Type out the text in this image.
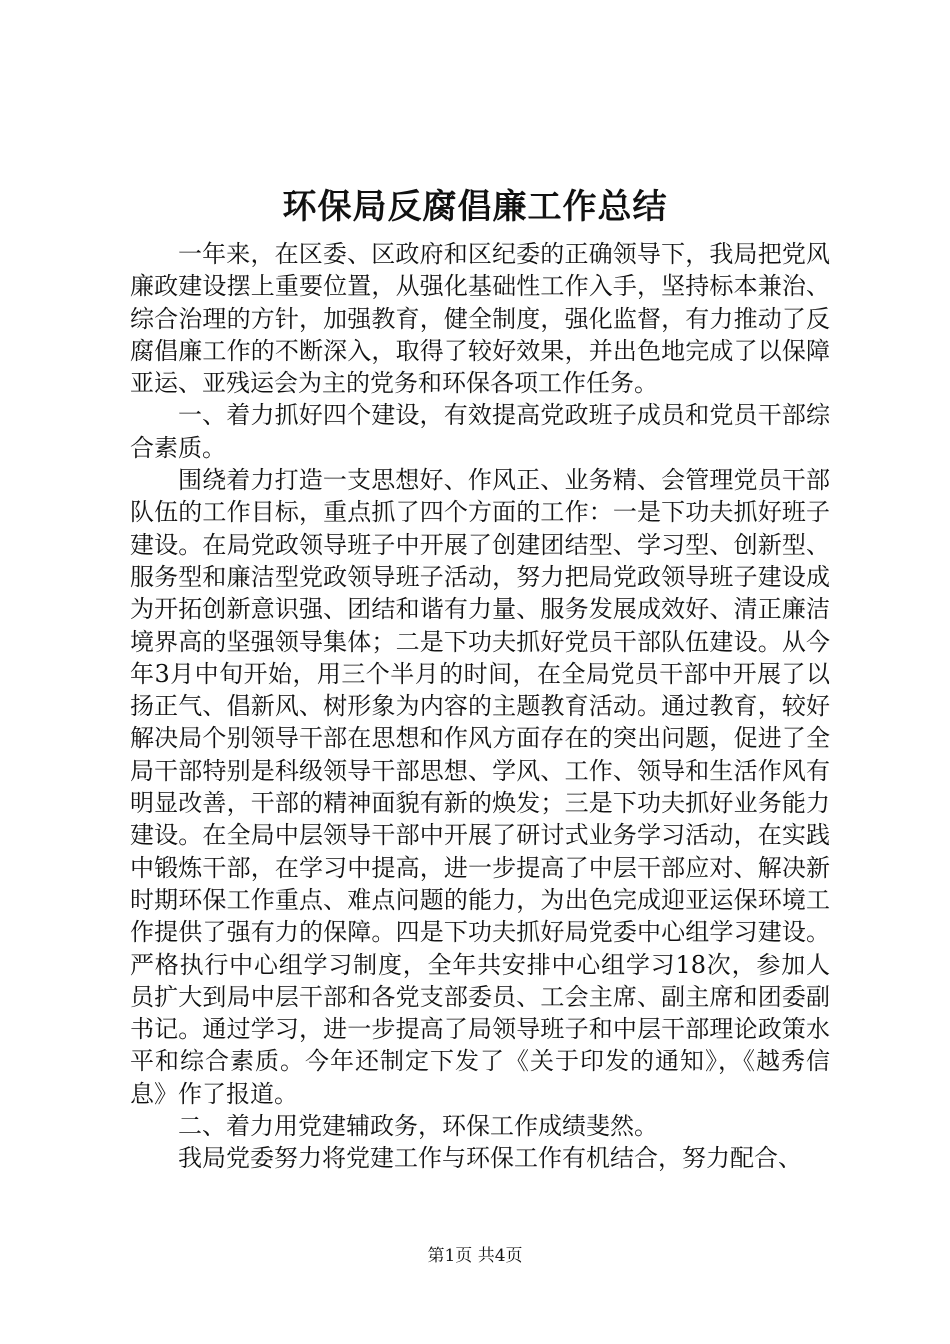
环保局反腐倡廉工作总结

一年来，在区委、区政府和区纪委的正确领导下，我局把党风廉政建设摆上重要位置，从强化基础性工作入手，坚持标本兼治、综合治理的方针，加强教育，健全制度，强化监督，有力推动了反腐倡廉工作的不断深入，取得了较好效果，并出色地完成了以保障亚运、亚残运会为主的党务和环保各项工作任务。

一、着力抓好四个建设，有效提高党政班子成员和党员干部综合素质。

围绕着力打造一支思想好、作风正、业务精、会管理党员干部队伍的工作目标，重点抓了四个方面的工作：一是下功夫抓好班子建设。在局党政领导班子中开展了创建团结型、学习型、创新型、服务型和廉洁型党政领导班子活动，努力把局党政领导班子建设成为开拓创新意识强、团结和谐有力量、服务发展成效好、清正廉洁境界高的坚强领导集体；二是下功夫抓好党员干部队伍建设。从今年3月中旬开始，用三个半月的时间，在全局党员干部中开展了以扬正气、倡新风、树形象为内容的主题教育活动。通过教育，较好解决局个别领导干部在思想和作风方面存在的突出问题，促进了全局干部特别是科级领导干部思想、学风、工作、领导和生活作风有明显改善，干部的精神面貌有新的焕发；三是下功夫抓好业务能力建设。在全局中层领导干部中开展了研讨式业务学习活动，在实践中锻炼干部，在学习中提高，进一步提高了中层干部应对、解决新时期环保工作重点、难点问题的能力，为出色完成迎亚运保环境工作提供了强有力的保障。四是下功夫抓好局党委中心组学习建设。严格执行中心组学习制度，全年共安排中心组学习18次，参加人员扩大到局中层干部和各党支部委员、工会主席、副主席和团委副书记。通过学习，进一步提高了局领导班子和中层干部理论政策水平和综合素质。今年还制定下发了《关于印发的通知》，《越秀信息》作了报道。

二、着力用党建辅政务，环保工作成绩斐然。

我局党委努力将党建工作与环保工作有机结合，努力配合、

第1页 共4页
